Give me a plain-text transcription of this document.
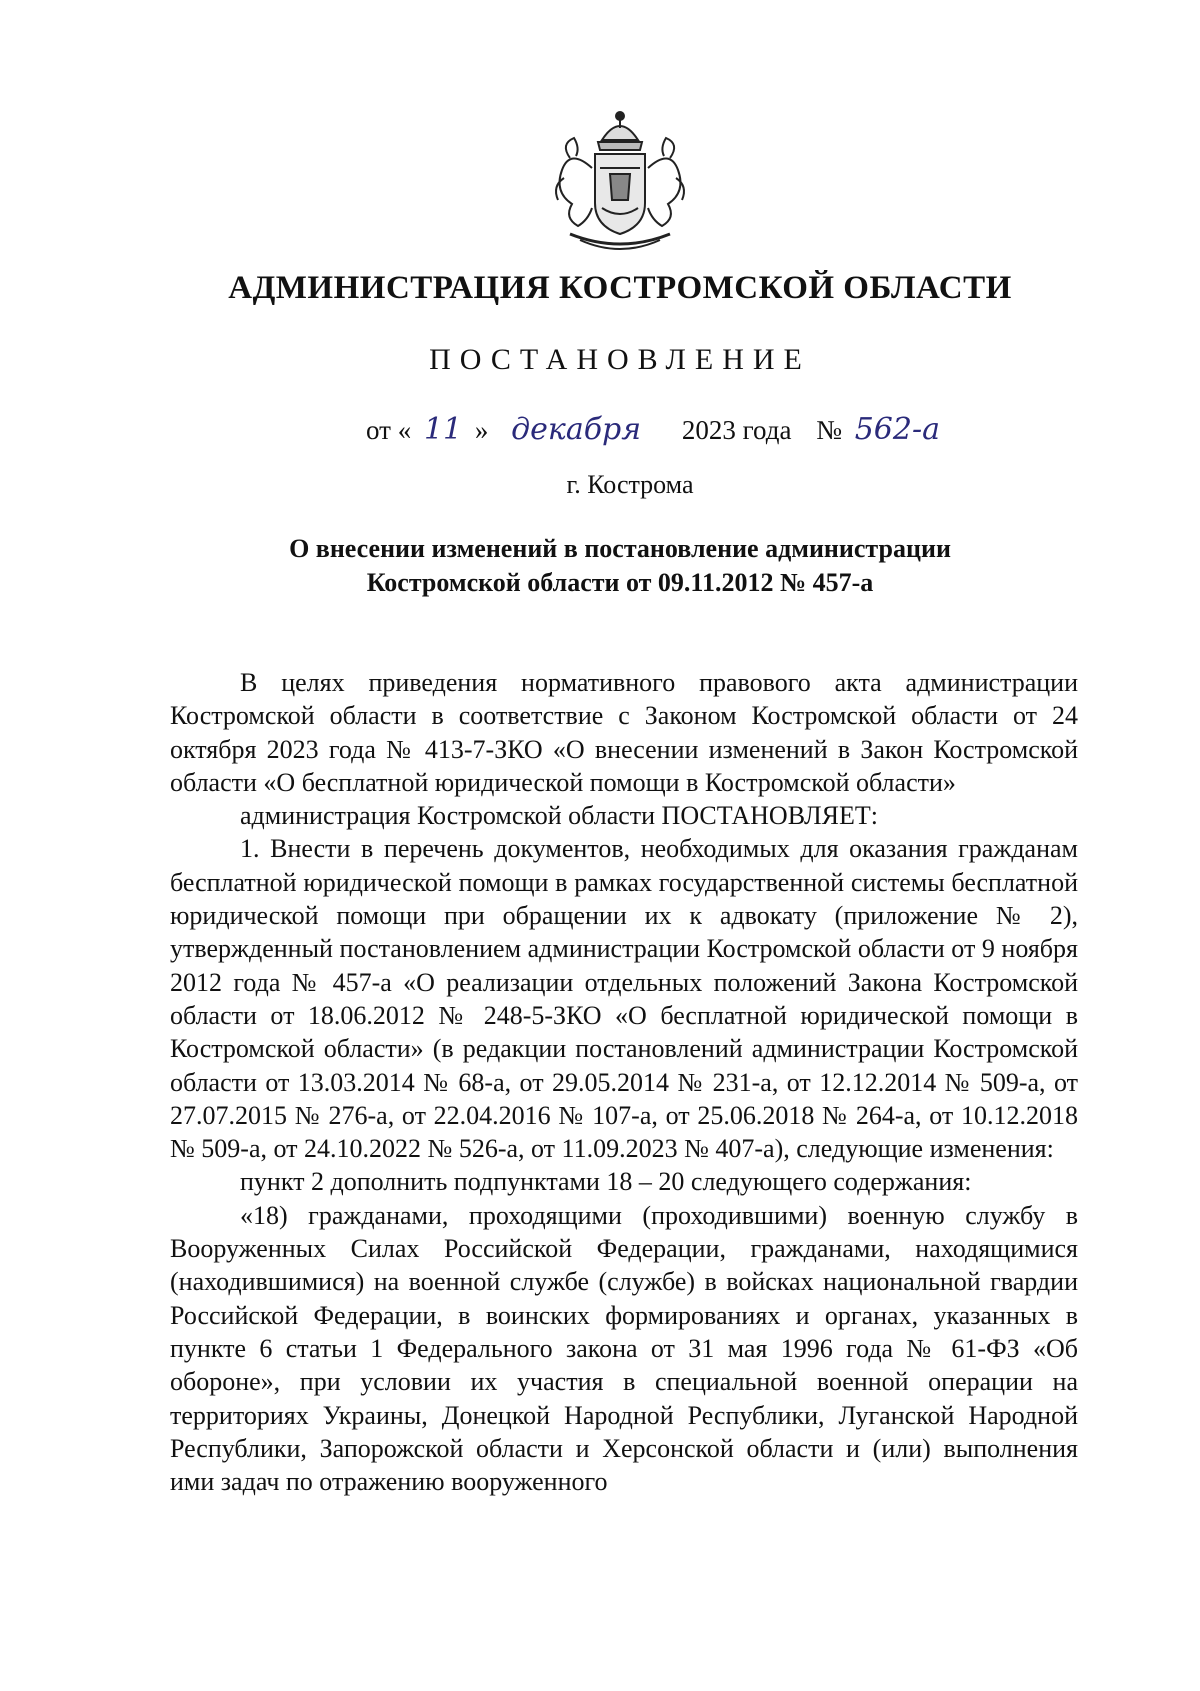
АДМИНИСТРАЦИЯ КОСТРОМСКОЙ ОБЛАСТИ
ПОСТАНОВЛЕНИЕ
от « 11 » декабря 2023 года № 562-а
г. Кострома
О внесении изменений в постановление администрации
Костромской области от 09.11.2012 № 457-а

В целях приведения нормативного правового акта администрации Костромской области в соответствие с Законом Костромской области от 24 октября 2023 года № 413-7-ЗКО «О внесении изменений в Закон Костромской области «О бесплатной юридической помощи в Костромской области»

администрация Костромской области ПОСТАНОВЛЯЕТ:

1. Внести в перечень документов, необходимых для оказания гражданам бесплатной юридической помощи в рамках государственной системы бесплатной юридической помощи при обращении их к адвокату (приложение № 2), утвержденный постановлением администрации Костромской области от 9 ноября 2012 года № 457-а «О реализации отдельных положений Закона Костромской области от 18.06.2012 № 248-5-ЗКО «О бесплатной юридической помощи в Костромской области» (в редакции постановлений администрации Костромской области от 13.03.2014 № 68-а, от 29.05.2014 № 231-а, от 12.12.2014 № 509-а, от 27.07.2015 № 276-а, от 22.04.2016 № 107-а, от 25.06.2018 № 264-а, от 10.12.2018 № 509-а, от 24.10.2022 № 526-а, от 11.09.2023 № 407-а), следующие изменения:

пункт 2 дополнить подпунктами 18 – 20 следующего содержания:

«18) гражданами, проходящими (проходившими) военную службу в Вооруженных Силах Российской Федерации, гражданами, находящимися (находившимися) на военной службе (службе) в войсках национальной гвардии Российской Федерации, в воинских формированиях и органах, указанных в пункте 6 статьи 1 Федерального закона от 31 мая 1996 года № 61-ФЗ «Об обороне», при условии их участия в специальной военной операции на территориях Украины, Донецкой Народной Республики, Луганской Народной Республики, Запорожской области и Херсонской области и (или) выполнения ими задач по отражению вооруженного
